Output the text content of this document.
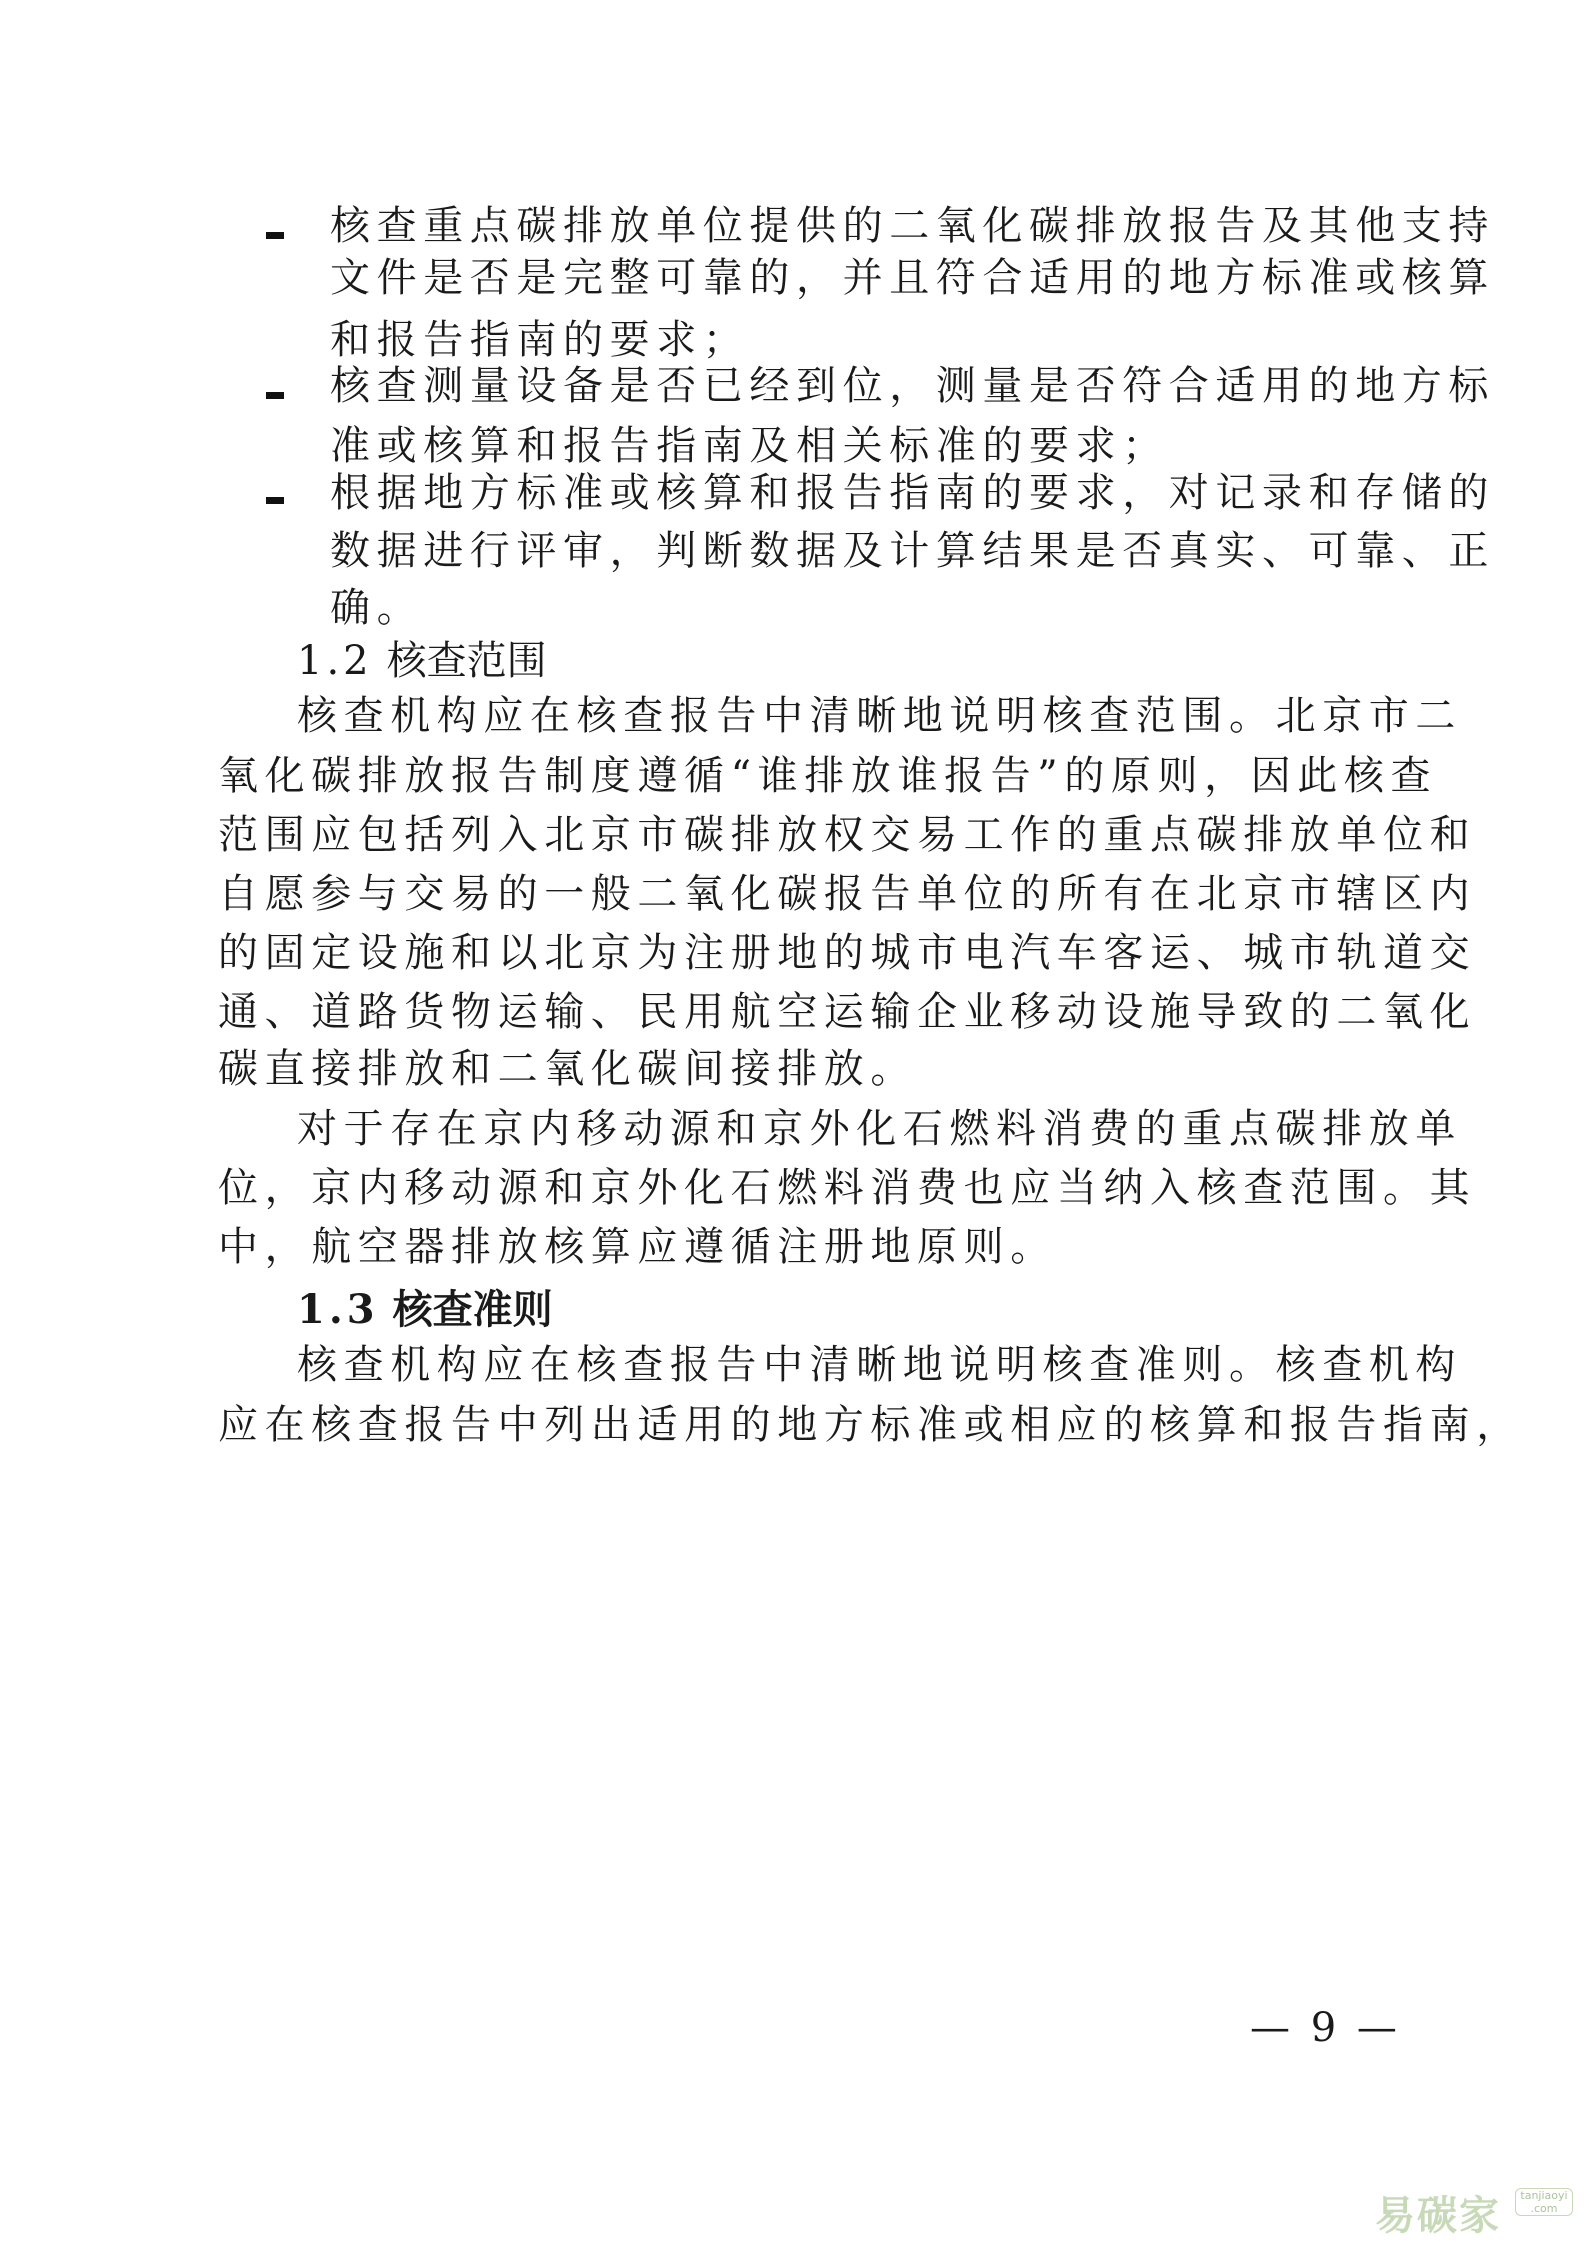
核查重点碳排放单位提供的二氧化碳排放报告及其他支持
文件是否是完整可靠的，并且符合适用的地方标准或核算
和报告指南的要求；
核查测量设备是否已经到位，测量是否符合适用的地方标
准或核算和报告指南及相关标准的要求；
根据地方标准或核算和报告指南的要求，对记录和存储的
数据进行评审，判断数据及计算结果是否真实、可靠、正
确。
1.2 核查范围
核查机构应在核查报告中清晰地说明核查范围。北京市二
氧化碳排放报告制度遵循“谁排放谁报告”的原则，因此核查
范围应包括列入北京市碳排放权交易工作的重点碳排放单位和
自愿参与交易的一般二氧化碳报告单位的所有在北京市辖区内
的固定设施和以北京为注册地的城市电汽车客运、城市轨道交
通、道路货物运输、民用航空运输企业移动设施导致的二氧化
碳直接排放和二氧化碳间接排放。
对于存在京内移动源和京外化石燃料消费的重点碳排放单
位，京内移动源和京外化石燃料消费也应当纳入核查范围。其
中，航空器排放核算应遵循注册地原则。
1.3 核查准则
核查机构应在核查报告中清晰地说明核查准则。核查机构
应在核查报告中列出适用的地方标准或相应的核算和报告指南，
— 9 —
易碳家	tanjiaoyi
.com
